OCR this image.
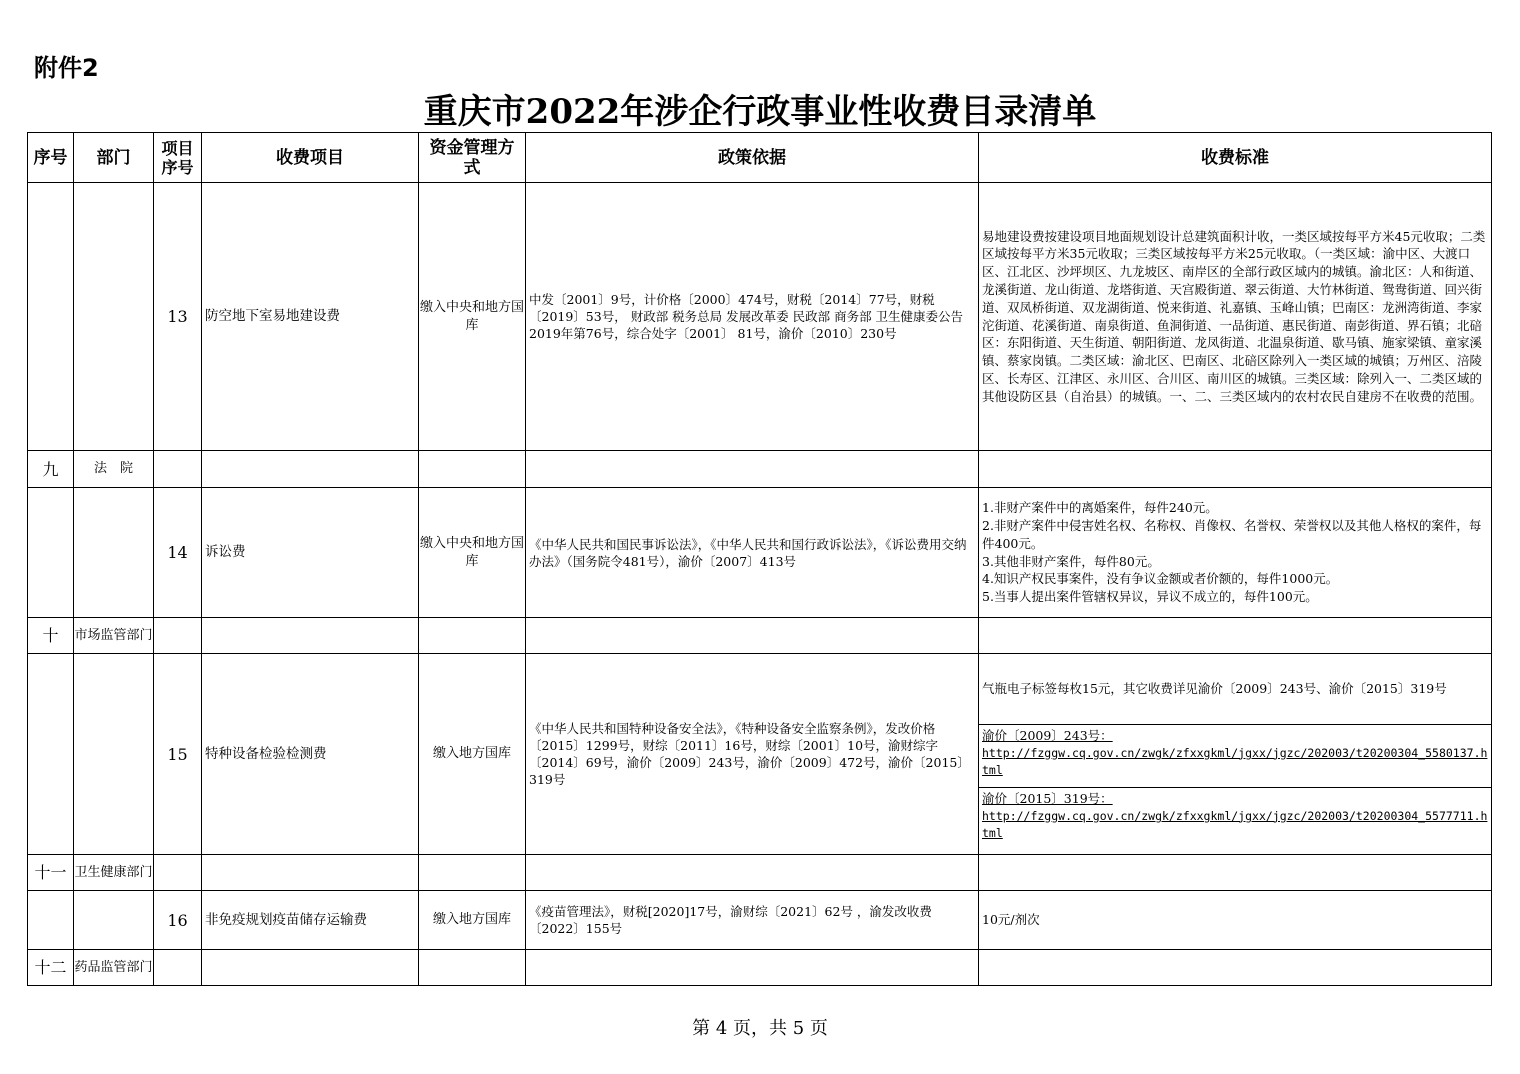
附件2
重庆市2022年涉企行政事业性收费目录清单
序号	部门	项目序号	收费项目	资金管理方式	政策依据	收费标准
		13	防空地下室易地建设费	缴入中央和地方国库	中发〔2001〕9号，计价格〔2000〕474号，财税〔2014〕77号，财税〔2019〕53号， 财政部 税务总局 发展改革委 民政部 商务部 卫生健康委公告2019年第76号，综合处字〔2001〕 81号，渝价〔2010〕230号	易地建设费按建设项目地面规划设计总建筑面积计收，一类区域按每平方米45元收取；二类区域按每平方米35元收取；三类区域按每平方米25元收取。（一类区域：渝中区、大渡口区、江北区、沙坪坝区、九龙坡区、南岸区的全部行政区域内的城镇。渝北区：人和街道、龙溪街道、龙山街道、龙塔街道、天宫殿街道、翠云街道、大竹林街道、鸳鸯街道、回兴街道、双凤桥街道、双龙湖街道、悦来街道、礼嘉镇、玉峰山镇；巴南区：龙洲湾街道、李家沱街道、花溪街道、南泉街道、鱼洞街道、一品街道、惠民街道、南彭街道、界石镇；北碚区：东阳街道、天生街道、朝阳街道、龙凤街道、北温泉街道、歇马镇、施家梁镇、童家溪镇、蔡家岗镇。二类区域：渝北区、巴南区、北碚区除列入一类区域的城镇；万州区、涪陵区、长寿区、江津区、永川区、合川区、南川区的城镇。三类区域：除列入一、二类区域的其他设防区县（自治县）的城镇。一、二、三类区域内的农村农民自建房不在收费的范围。
九	法　院					
		14	诉讼费	缴入中央和地方国库	《中华人民共和国民事诉讼法》，《中华人民共和国行政诉讼法》，《诉讼费用交纳办法》（国务院令481号），渝价〔2007〕413号	1.非财产案件中的离婚案件，每件240元。
2.非财产案件中侵害姓名权、名称权、肖像权、名誉权、荣誉权以及其他人格权的案件，每件400元。
3.其他非财产案件，每件80元。
4.知识产权民事案件，没有争议金额或者价额的，每件1000元。
5.当事人提出案件管辖权异议，异议不成立的，每件100元。

十	市场监管部门					
		15	特种设备检验检测费	缴入地方国库	《中华人民共和国特种设备安全法》，《特种设备安全监察条例》，发改价格〔2015〕1299号，财综〔2011〕16号，财综〔2001〕10号，渝财综字〔2014〕69号，渝价〔2009〕243号，渝价〔2009〕472号，渝价〔2015〕319号	气瓶电子标签每枚15元，其它收费详见渝价〔2009〕243号、渝价〔2015〕319号
渝价〔2009〕243号：
http://fzggw.cq.gov.cn/zwgk/zfxxgkml/jgxx/jgzc/202003/t20200304_5580137.html
渝价〔2015〕319号：
http://fzggw.cq.gov.cn/zwgk/zfxxgkml/jgxx/jgzc/202003/t20200304_5577711.html

十一	卫生健康部门					
		16	非免疫规划疫苗储存运输费	缴入地方国库	《疫苗管理法》，财税[2020]17号，渝财综〔2021〕62号 ，渝发改收费〔2022〕155号	10元/剂次
十二	药品监管部门					
第 4 页，共 5 页
